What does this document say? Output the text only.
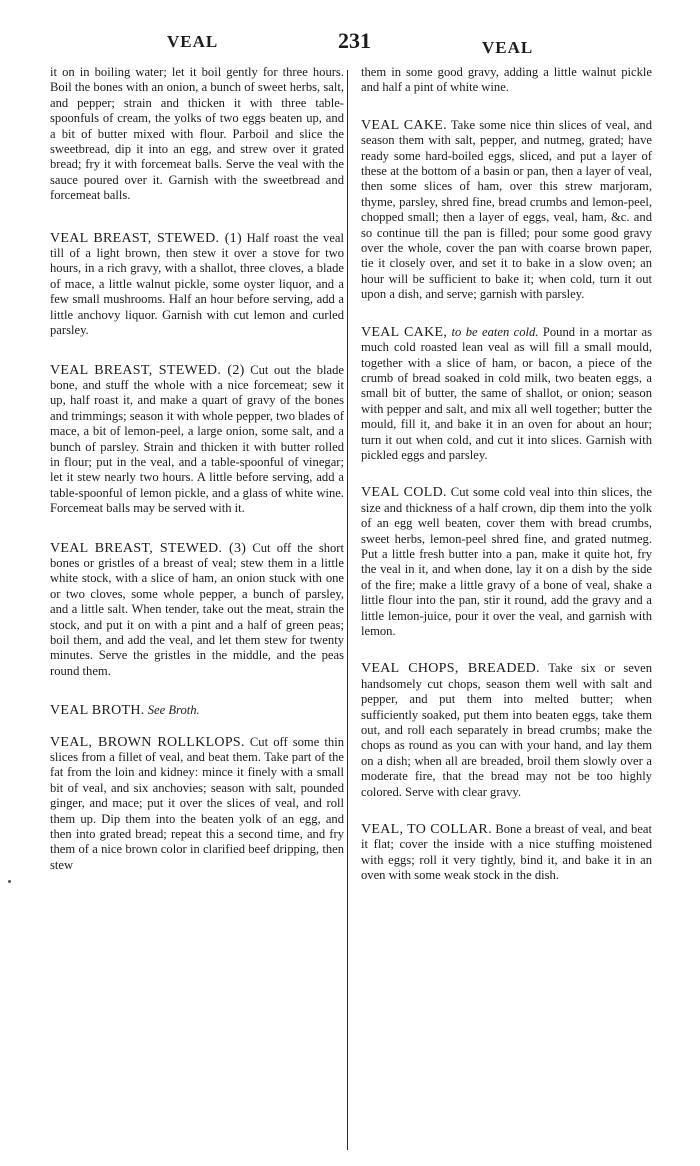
VEAL	231	VEAL

it on in boiling water; let it boil gently for three hours. Boil the bones with an onion, a bunch of sweet herbs, salt, and pepper; strain and thicken it with three table-spoonfuls of cream, the yolks of two eggs beaten up, and a bit of butter mixed with flour. Parboil and slice the sweetbread, dip it into an egg, and strew over it grated bread; fry it with forcemeat balls. Serve the veal with the sauce poured over it. Garnish with the sweetbread and forcemeat balls.

VEAL BREAST, STEWED. (1) Half roast the veal till of a light brown, then stew it over a stove for two hours, in a rich gravy, with a shallot, three cloves, a blade of mace, a little walnut pickle, some oyster liquor, and a few small mushrooms. Half an hour before serving, add a little anchovy liquor. Garnish with cut lemon and curled parsley.

VEAL BREAST, STEWED. (2) Cut out the blade bone, and stuff the whole with a nice forcemeat; sew it up, half roast it, and make a quart of gravy of the bones and trimmings; season it with whole pepper, two blades of mace, a bit of lemon-peel, a large onion, some salt, and a bunch of parsley. Strain and thicken it with butter rolled in flour; put in the veal, and a table-spoonful of vinegar; let it stew nearly two hours. A little before serving, add a table-spoonful of lemon pickle, and a glass of white wine. Forcemeat balls may be served with it.

VEAL BREAST, STEWED. (3) Cut off the short bones or gristles of a breast of veal; stew them in a little white stock, with a slice of ham, an onion stuck with one or two cloves, some whole pepper, a bunch of parsley, and a little salt. When tender, take out the meat, strain the stock, and put it on with a pint and a half of green peas; boil them, and add the veal, and let them stew for twenty minutes. Serve the gristles in the middle, and the peas round them.

VEAL BROTH. See Broth.

VEAL, BROWN ROLLKLOPS. Cut off some thin slices from a fillet of veal, and beat them. Take part of the fat from the loin and kidney: mince it finely with a small bit of veal, and six anchovies; season with salt, pounded ginger, and mace; put it over the slices of veal, and roll them up. Dip them into the beaten yolk of an egg, and then into grated bread; repeat this a second time, and fry them of a nice brown color in clarified beef dripping, then stew

them in some good gravy, adding a little walnut pickle and half a pint of white wine.

VEAL CAKE. Take some nice thin slices of veal, and season them with salt, pepper, and nutmeg, grated; have ready some hard-boiled eggs, sliced, and put a layer of these at the bottom of a basin or pan, then a layer of veal, then some slices of ham, over this strew marjoram, thyme, parsley, shred fine, bread crumbs and lemon-peel, chopped small; then a layer of eggs, veal, ham, &c. and so continue till the pan is filled; pour some good gravy over the whole, cover the pan with coarse brown paper, tie it closely over, and set it to bake in a slow oven; an hour will be sufficient to bake it; when cold, turn it out upon a dish, and serve; garnish with parsley.

VEAL CAKE, to be eaten cold. Pound in a mortar as much cold roasted lean veal as will fill a small mould, together with a slice of ham, or bacon, a piece of the crumb of bread soaked in cold milk, two beaten eggs, a small bit of butter, the same of shallot, or onion; season with pepper and salt, and mix all well together; butter the mould, fill it, and bake it in an oven for about an hour; turn it out when cold, and cut it into slices. Garnish with pickled eggs and parsley.

VEAL COLD. Cut some cold veal into thin slices, the size and thickness of a half crown, dip them into the yolk of an egg well beaten, cover them with bread crumbs, sweet herbs, lemon-peel shred fine, and grated nutmeg. Put a little fresh butter into a pan, make it quite hot, fry the veal in it, and when done, lay it on a dish by the side of the fire; make a little gravy of a bone of veal, shake a little flour into the pan, stir it round, add the gravy and a little lemon-juice, pour it over the veal, and garnish with lemon.

VEAL CHOPS, BREADED. Take six or seven handsomely cut chops, season them well with salt and pepper, and put them into melted butter; when sufficiently soaked, put them into beaten eggs, take them out, and roll each separately in bread crumbs; make the chops as round as you can with your hand, and lay them on a dish; when all are breaded, broil them slowly over a moderate fire, that the bread may not be too highly colored. Serve with clear gravy.

VEAL, TO COLLAR. Bone a breast of veal, and beat it flat; cover the inside with a nice stuffing moistened with eggs; roll it very tightly, bind it, and bake it in an oven with some weak stock in the dish.
